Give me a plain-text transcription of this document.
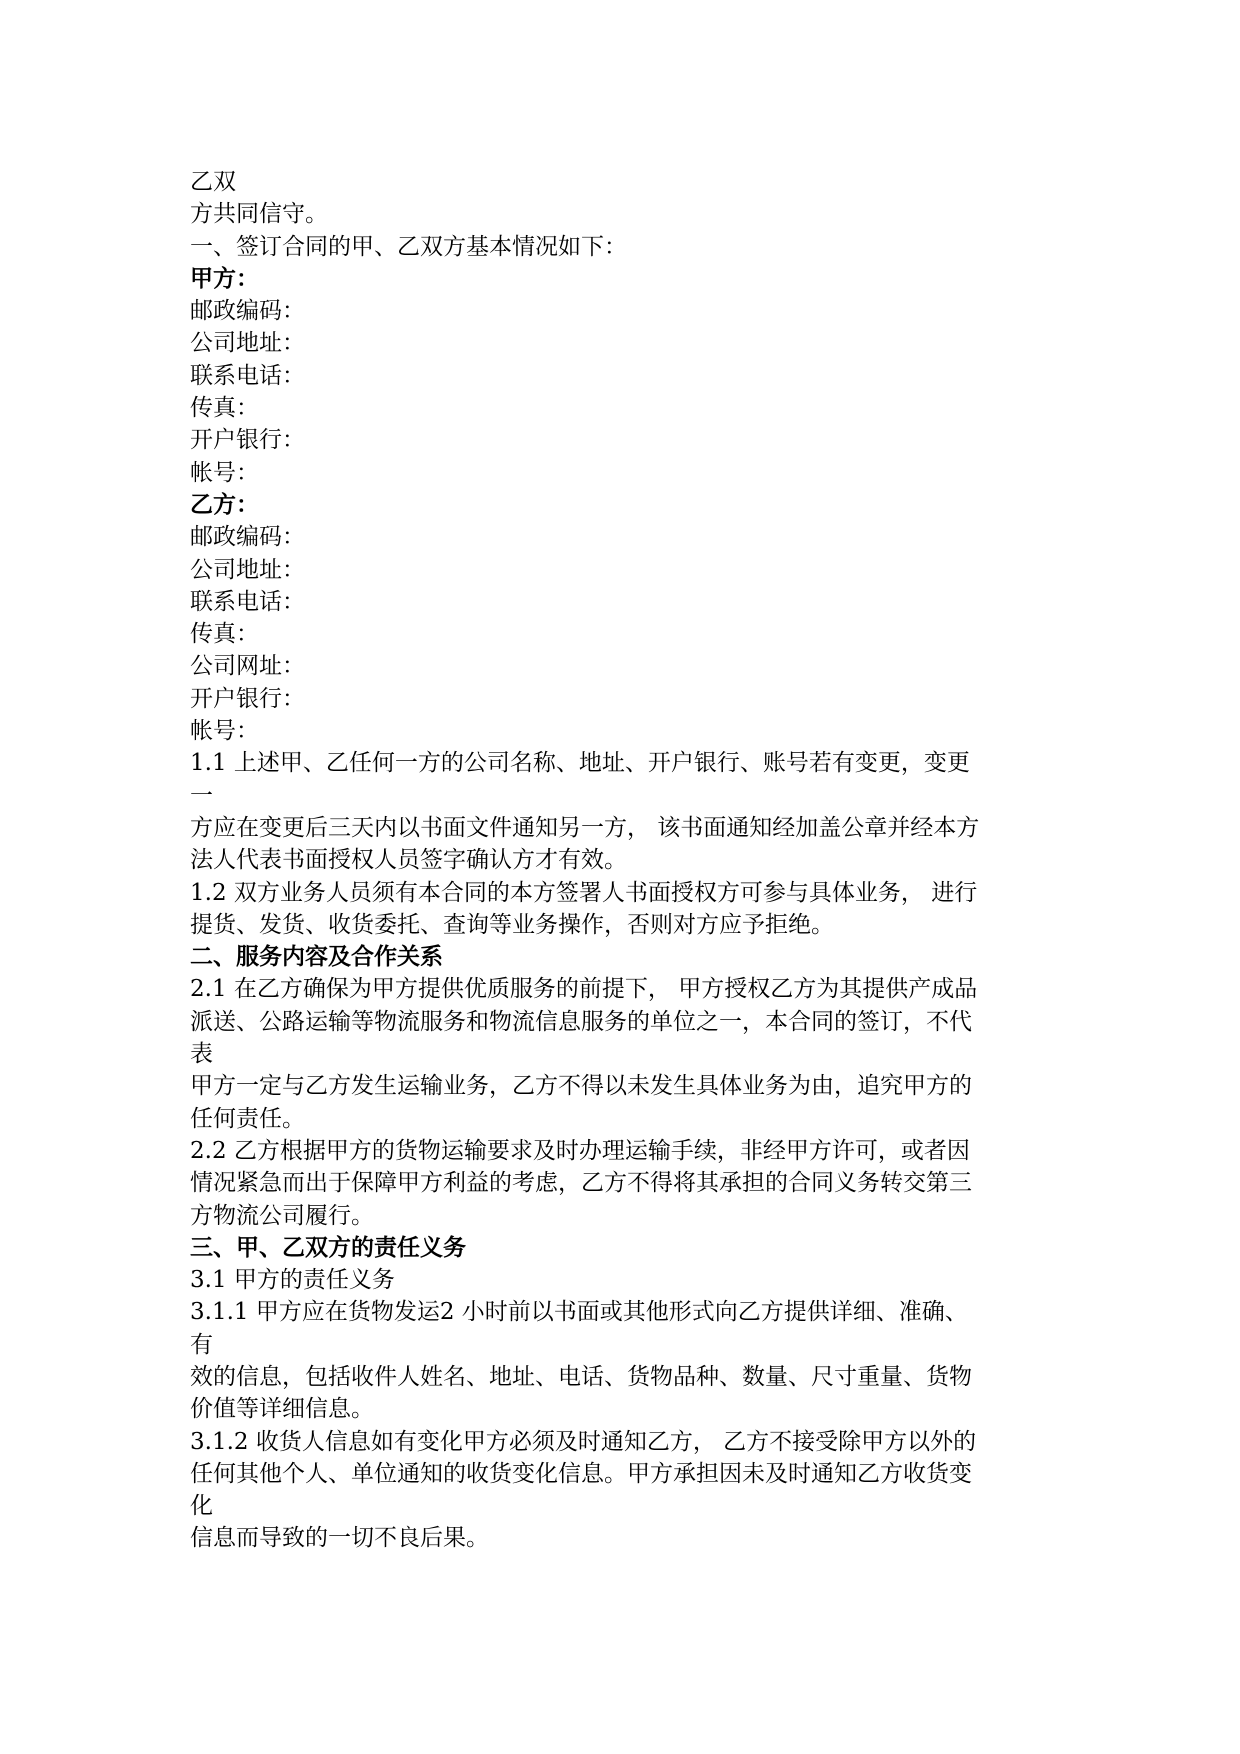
乙双
方共同信守。
一、签订合同的甲、乙双方基本情况如下：
甲方：
邮政编码：
公司地址：
联系电话：
传真：
开户银行：
帐号：
乙方：
邮政编码：
公司地址：
联系电话：
传真：
公司网址：
开户银行：
帐号：
1.1 上述甲、乙任何一方的公司名称、地址、开户银行、账号若有变更，变更
一
方应在变更后三天内以书面文件通知另一方， 该书面通知经加盖公章并经本方
法人代表书面授权人员签字确认方才有效。
1.2 双方业务人员须有本合同的本方签署人书面授权方可参与具体业务， 进行
提货、发货、收货委托、查询等业务操作，否则对方应予拒绝。
二、服务内容及合作关系
2.1 在乙方确保为甲方提供优质服务的前提下， 甲方授权乙方为其提供产成品
派送、公路运输等物流服务和物流信息服务的单位之一，本合同的签订，不代
表
甲方一定与乙方发生运输业务，乙方不得以未发生具体业务为由，追究甲方的
任何责任。
2.2 乙方根据甲方的货物运输要求及时办理运输手续，非经甲方许可，或者因
情况紧急而出于保障甲方利益的考虑，乙方不得将其承担的合同义务转交第三
方物流公司履行。
三、甲、乙双方的责任义务
3.1 甲方的责任义务
3.1.1 甲方应在货物发运2 小时前以书面或其他形式向乙方提供详细、准确、
有
效的信息，包括收件人姓名、地址、电话、货物品种、数量、尺寸重量、货物
价值等详细信息。
3.1.2 收货人信息如有变化甲方必须及时通知乙方， 乙方不接受除甲方以外的
任何其他个人、单位通知的收货变化信息。甲方承担因未及时通知乙方收货变
化
信息而导致的一切不良后果。
